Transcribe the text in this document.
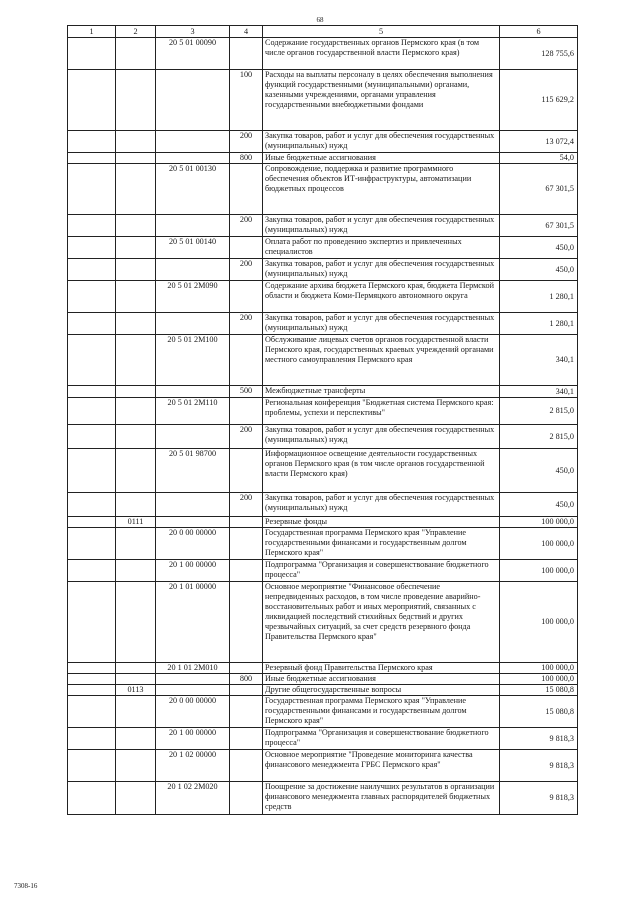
68
1	2	3	4	5	6
		20 5 01 00090		Содержание государственных органов Пермского края (в том числе органов государственной власти Пермского края)	128 755,6
			100	Расходы на выплаты персоналу в целях обеспечения выполнения функций государственными (муниципальными) органами, казенными учреждениями, органами управления государственными внебюджетными фондами	115 629,2
			200	Закупка товаров, работ и услуг для обеспечения государственных (муниципальных) нужд	13 072,4
			800	Иные бюджетные ассигнования	54,0
		20 5 01 00130		Сопровождение, поддержка и развитие программного обеспечения объектов ИТ-инфраструктуры, автоматизации бюджетных процессов	67 301,5
			200	Закупка товаров, работ и услуг для обеспечения государственных (муниципальных) нужд	67 301,5
		20 5 01 00140		Оплата работ по проведению экспертиз и привлеченных специалистов	450,0
			200	Закупка товаров, работ и услуг для обеспечения государственных (муниципальных) нужд	450,0
		20 5 01 2М090		Содержание архива бюджета Пермского края, бюджета Пермской области и бюджета Коми-Пермяцкого автономного округа	1 280,1
			200	Закупка товаров, работ и услуг для обеспечения государственных (муниципальных) нужд	1 280,1
		20 5 01 2М100		Обслуживание лицевых счетов органов государственной власти Пермского края, государственных краевых учреждений органами местного самоуправления Пермского края	340,1
			500	Межбюджетные трансферты	340,1
		20 5 01 2М110		Региональная конференция "Бюджетная система Пермского края: проблемы, успехи и перспективы"	2 815,0
			200	Закупка товаров, работ и услуг для обеспечения государственных (муниципальных) нужд	2 815,0
		20 5 01 98700		Информационное освещение деятельности государственных органов Пермского края (в том числе органов государственной власти Пермского края)	450,0
			200	Закупка товаров, работ и услуг для обеспечения государственных (муниципальных) нужд	450,0
	0111			Резервные фонды	100 000,0
		20 0 00 00000		Государственная программа Пермского края "Управление государственными финансами и государственным долгом Пермского края"	100 000,0
		20 1 00 00000		Подпрограмма "Организация и совершенствование бюджетного процесса"	100 000,0
		20 1 01 00000		Основное мероприятие "Финансовое обеспечение непредвиденных расходов, в том числе проведение аварийно-восстановительных работ и иных мероприятий, связанных с ликвидацией последствий стихийных бедствий и других чрезвычайных ситуаций, за счет средств резервного фонда Правительства Пермского края"	100 000,0
		20 1 01 2М010		Резервный фонд Правительства Пермского края	100 000,0
			800	Иные бюджетные ассигнования	100 000,0
	0113			Другие общегосударственные вопросы	15 080,8
		20 0 00 00000		Государственная программа Пермского края "Управление государственными финансами и государственным долгом Пермского края"	15 080,8
		20 1 00 00000		Подпрограмма "Организация и совершенствование бюджетного процесса"	9 818,3
		20 1 02 00000		Основное мероприятие "Проведение мониторинга качества финансового менеджмента ГРБС Пермского края"	9 818,3
		20 1 02 2М020		Поощрение за достижение наилучших результатов в организации финансового менеджмента главных распорядителей бюджетных средств	9 818,3
7308-16
